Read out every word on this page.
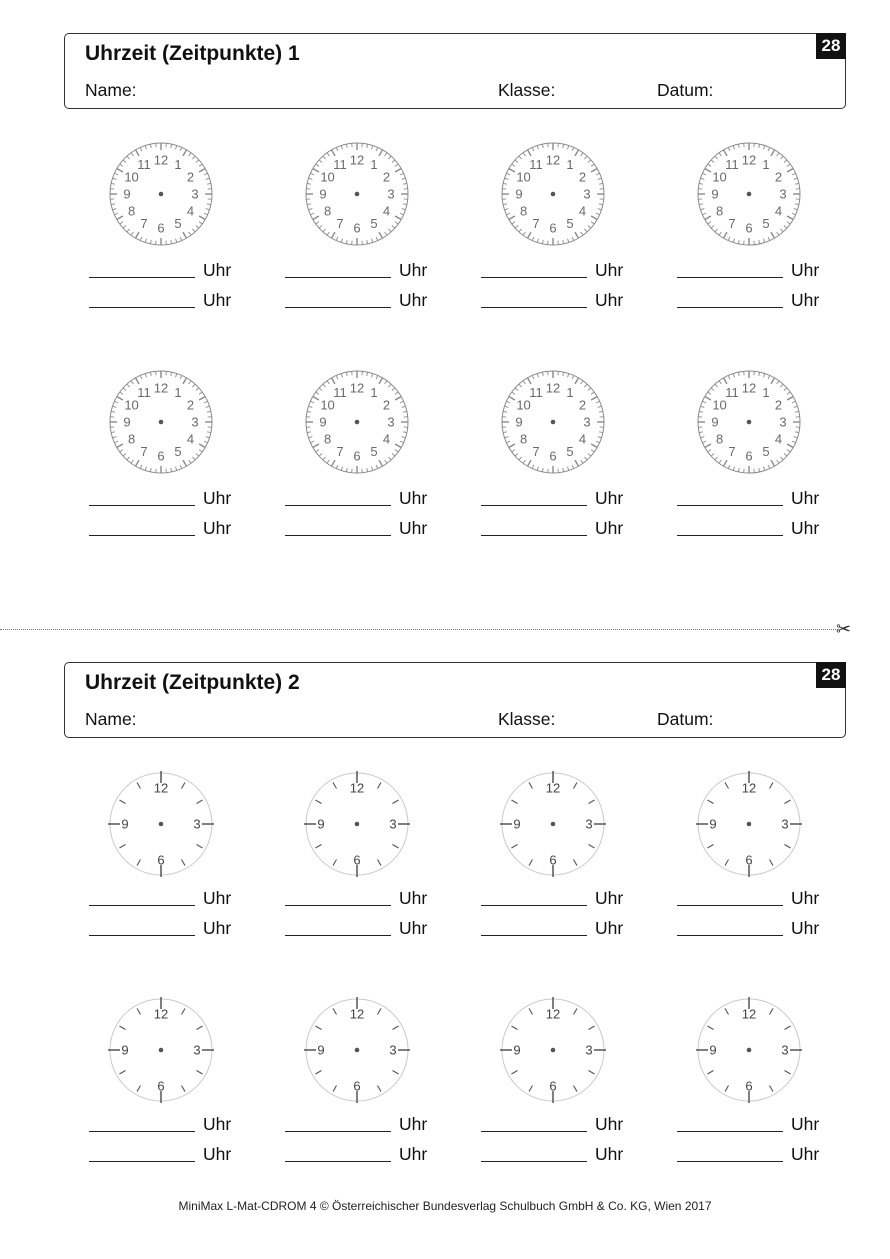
Uhrzeit (Zeitpunkte) 1
Name:	Klasse:	Datum:
28
Uhrzeit (Zeitpunkte) 2
Name:	Klasse:	Datum:
28
✂
12 1
2
3
4
5
6
7
8
9
10
11
Uhr
Uhr
12 1
2
3
4
5
6
7
8
9
10
11
Uhr
Uhr
12 1
2
3
4
5
6
7
8
9
10
11
Uhr
Uhr
12 1
2
3
4
5
6
7
8
9
10
11
Uhr
Uhr
12 1
2
3
4
5
6
7
8
9
10
11
Uhr
Uhr
12 1
2
3
4
5
6
7
8
9
10
11
Uhr
Uhr
12 1
2
3
4
5
6
7
8
9
10
11
Uhr
Uhr
12 1
2
3
4
5
6
7
8
9
10
11
Uhr
Uhr
12
3
6
9
Uhr
Uhr
12
3
6
9
Uhr
Uhr
12
3
6
9
Uhr
Uhr
12
3
6
9
Uhr
Uhr
12
3
6
9
Uhr
Uhr
12
3
6
9
Uhr
Uhr
12
3
6
9
Uhr
Uhr
12
3
6
9
Uhr
Uhr
MiniMax L-Mat-CDROM 4 © Österreichischer Bundesverlag Schulbuch GmbH & Co. KG, Wien 2017
